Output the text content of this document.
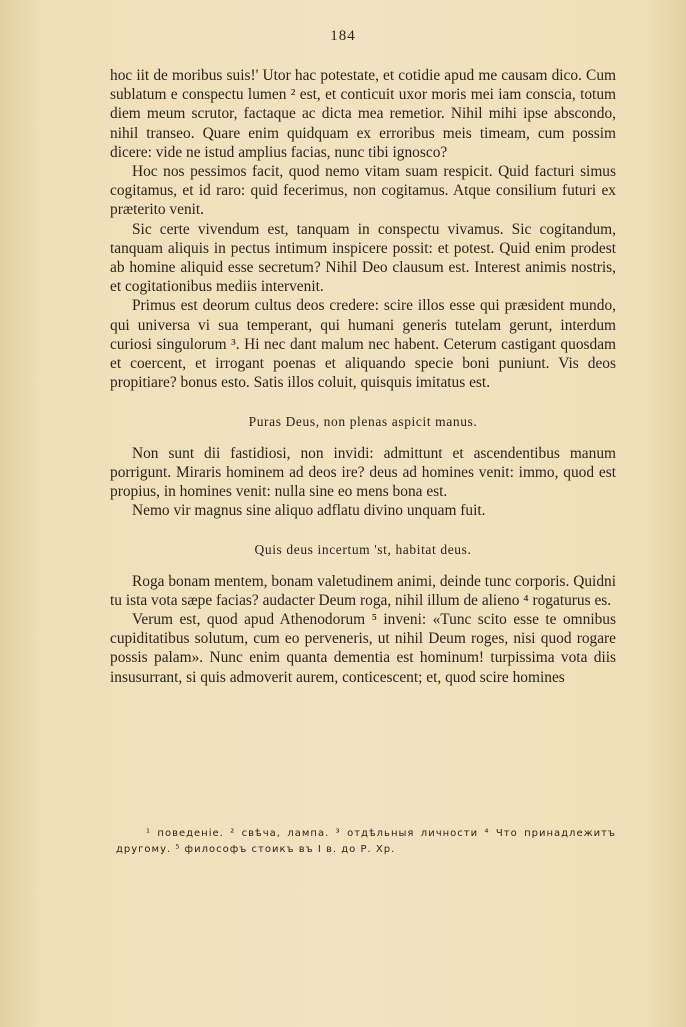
184

hoc iit de moribus suis!' Utor hac potestate, et cotidie apud me causam dico. Cum sublatum e conspectu lumen ² est, et conticuit uxor moris mei iam conscia, totum diem meum scrutor, factaque ac dicta mea remetior. Nihil mihi ipse abscondo, nihil transeo. Quare enim quidquam ex erroribus meis timeam, cum possim dicere: vide ne istud amplius facias, nunc tibi ignosco?

Hoc nos pessimos facit, quod nemo vitam suam respicit. Quid facturi simus cogitamus, et id raro: quid fecerimus, non cogitamus. Atque consilium futuri ex præterito venit.

Sic certe vivendum est, tanquam in conspectu vivamus. Sic cogitandum, tanquam aliquis in pectus intimum inspicere possit: et potest. Quid enim prodest ab homine aliquid esse secretum? Nihil Deo clausum est. Interest animis nostris, et cogitationibus mediis intervenit.

Primus est deorum cultus deos credere: scire illos esse qui præsident mundo, qui universa vi sua temperant, qui humani generis tutelam gerunt, interdum curiosi singulorum ³. Hi nec dant malum nec habent. Ceterum castigant quosdam et coercent, et irrogant poenas et aliquando specie boni puniunt. Vis deos propitiare? bonus esto. Satis illos coluit, quisquis imitatus est.

Puras Deus, non plenas aspicit manus.

Non sunt dii fastidiosi, non invidi: admittunt et ascendentibus manum porrigunt. Miraris hominem ad deos ire? deus ad homines venit: immo, quod est propius, in homines venit: nulla sine eo mens bona est.

Nemo vir magnus sine aliquo adflatu divino unquam fuit.

Quis deus incertum 'st, habitat deus.

Roga bonam mentem, bonam valetudinem animi, deinde tunc corporis. Quidni tu ista vota sæpe facias? audacter Deum roga, nihil illum de alieno ⁴ rogaturus es.

Verum est, quod apud Athenodorum ⁵ inveni: «Tunc scito esse te omnibus cupiditatibus solutum, cum eo perveneris, ut nihil Deum roges, nisi quod rogare possis palam». Nunc enim quanta dementia est hominum! turpissima vota diis insusurrant, si quis admoverit aurem, conticescent; et, quod scire homines

¹ поведеніе. ² свѣча, лампа. ³ отдѣльныя личности ⁴ Что принадлежитъ другому. ⁵ философъ стоикъ въ I в. до Р. Хр.
